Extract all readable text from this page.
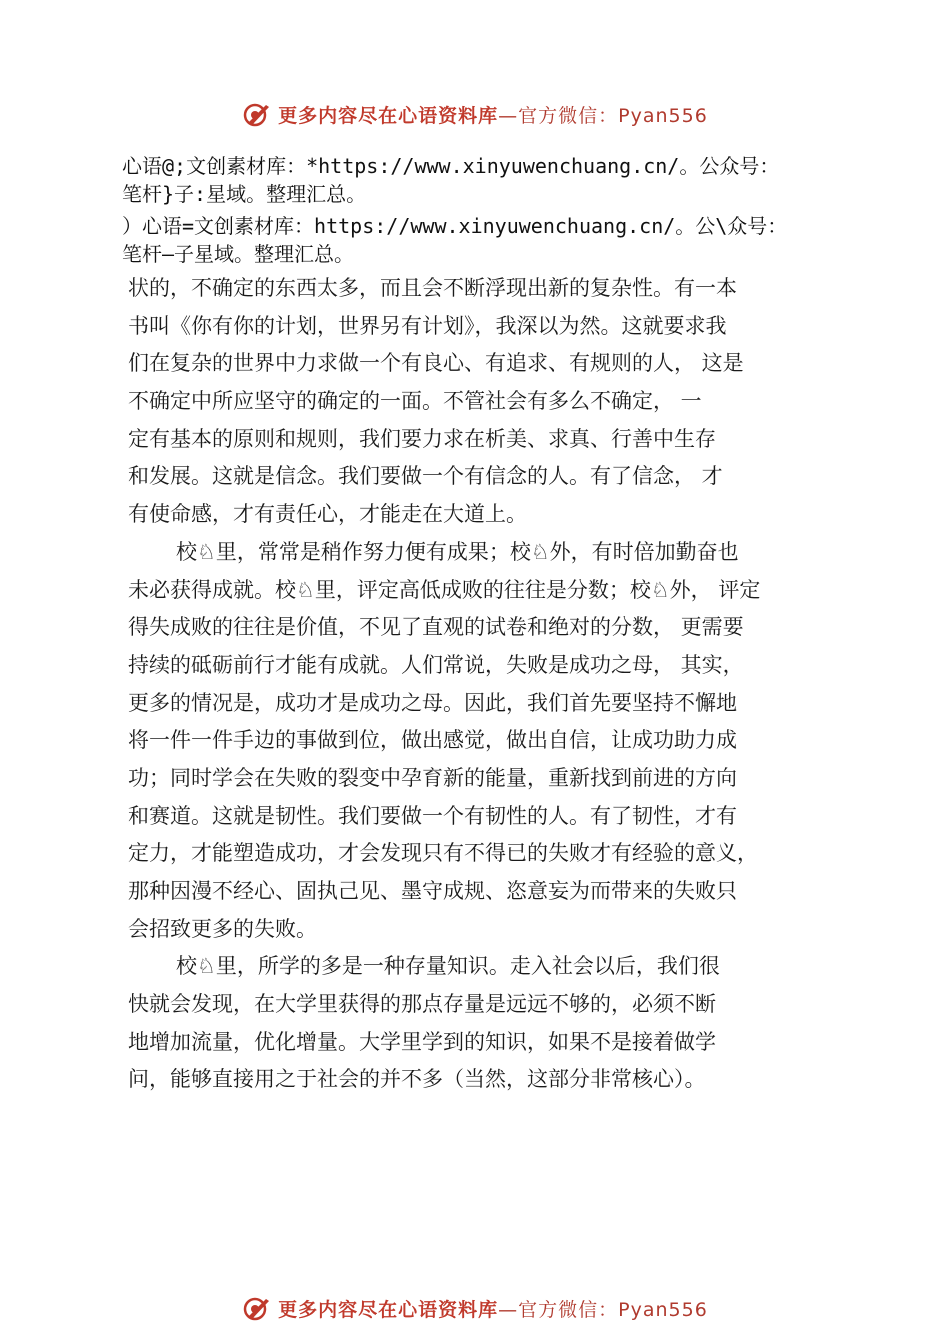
更多内容尽在心语资料库—官方微信：Pyan556
心语@;文创素材库：*https://www.xinyuwenchuang.cn/。公众号：
笔杆}子:星域。整理汇总。
）心语=文创素材库：https://www.xinyuwenchuang.cn/。公\众号：
笔杆—子星域。整理汇总。
状的，不确定的东西太多，而且会不断浮现出新的复杂性。有一本
书叫《你有你的计划，世界另有计划》，我深以为然。这就要求我
们在复杂的世界中力求做一个有良心、有追求、有规则的人， 这是
不确定中所应坚守的确定的一面。不管社会有多么不确定， 一
定有基本的原则和规则，我们要力求在析美、求真、行善中生存
和发展。这就是信念。我们要做一个有信念的人。有了信念， 才
有使命感，才有责任心，才能走在大道上。
校♘里，常常是稍作努力便有成果；校♘外，有时倍加勤奋也
未必获得成就。校♘里，评定高低成败的往往是分数；校♘外， 评定
得失成败的往往是价值，不见了直观的试卷和绝对的分数， 更需要
持续的砥砺前行才能有成就。人们常说，失败是成功之母， 其实，
更多的情况是，成功才是成功之母。因此，我们首先要坚持不懈地
将一件一件手边的事做到位，做出感觉，做出自信，让成功助力成
功；同时学会在失败的裂变中孕育新的能量，重新找到前进的方向
和赛道。这就是韧性。我们要做一个有韧性的人。有了韧性，才有
定力，才能塑造成功，才会发现只有不得已的失败才有经验的意义，
那种因漫不经心、固执己见、墨守成规、恣意妄为而带来的失败只
会招致更多的失败。
校♘里，所学的多是一种存量知识。走入社会以后，我们很
快就会发现，在大学里获得的那点存量是远远不够的，必须不断
地增加流量，优化增量。大学里学到的知识，如果不是接着做学
问，能够直接用之于社会的并不多（当然，这部分非常核心）。
更多内容尽在心语资料库—官方微信：Pyan556
